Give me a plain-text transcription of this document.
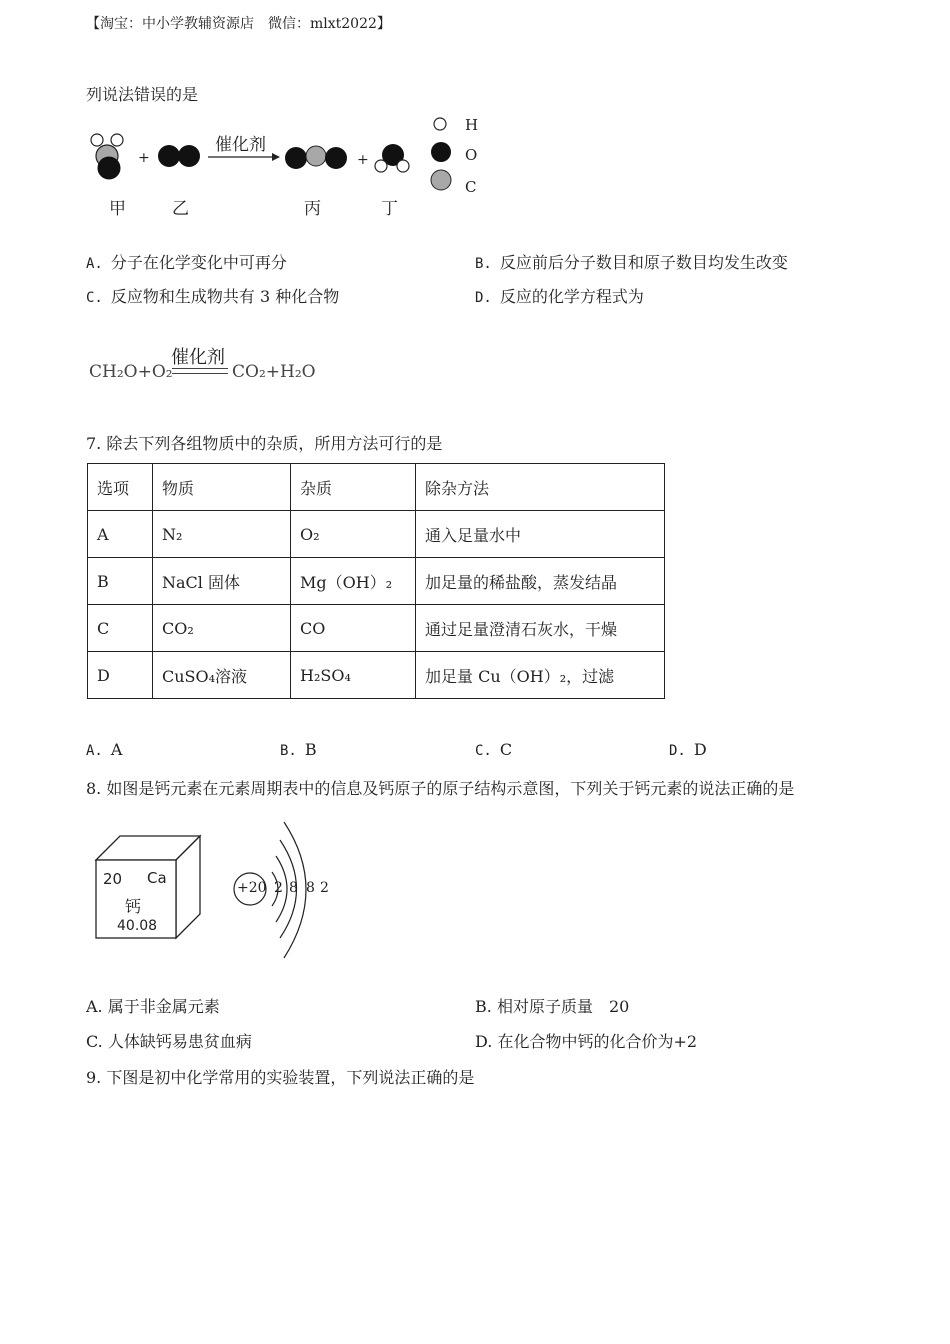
【淘宝：中小学教辅资源店　微信：mlxt2022】
列说法错误的是
+
催化剂
+
H
O
C
甲	乙	丙	丁
A. 分子在化学变化中可再分	B. 反应前后分子数目和原子数目均发生改变
C. 反应物和生成物共有 3 种化合物	D. 反应的化学方程式为
催化剂
CH₂O+O₂	CO₂+H₂O
7. 除去下列各组物质中的杂质，所用方法可行的是
选项	物质	杂质	除杂方法
A	N₂	O₂	通入足量水中
B	NaCl 固体	Mg（OH）₂	加足量的稀盐酸，蒸发结晶
C	CO₂	CO	通过足量澄清石灰水，干燥
D	CuSO₄溶液	H₂SO₄	加足量 Cu（OH）₂，过滤
A. A	B. B	C. C	D. D
8. 如图是钙元素在元素周期表中的信息及钙原子的原子结构示意图，下列关于钙元素的说法正确的是
20 Ca
钙
40.08
+20 2 8 8 2
A. 属于非金属元素	B. 相对原子质量　20
C. 人体缺钙易患贫血病	D. 在化合物中钙的化合价为+2
9. 下图是初中化学常用的实验装置，下列说法正确的是
